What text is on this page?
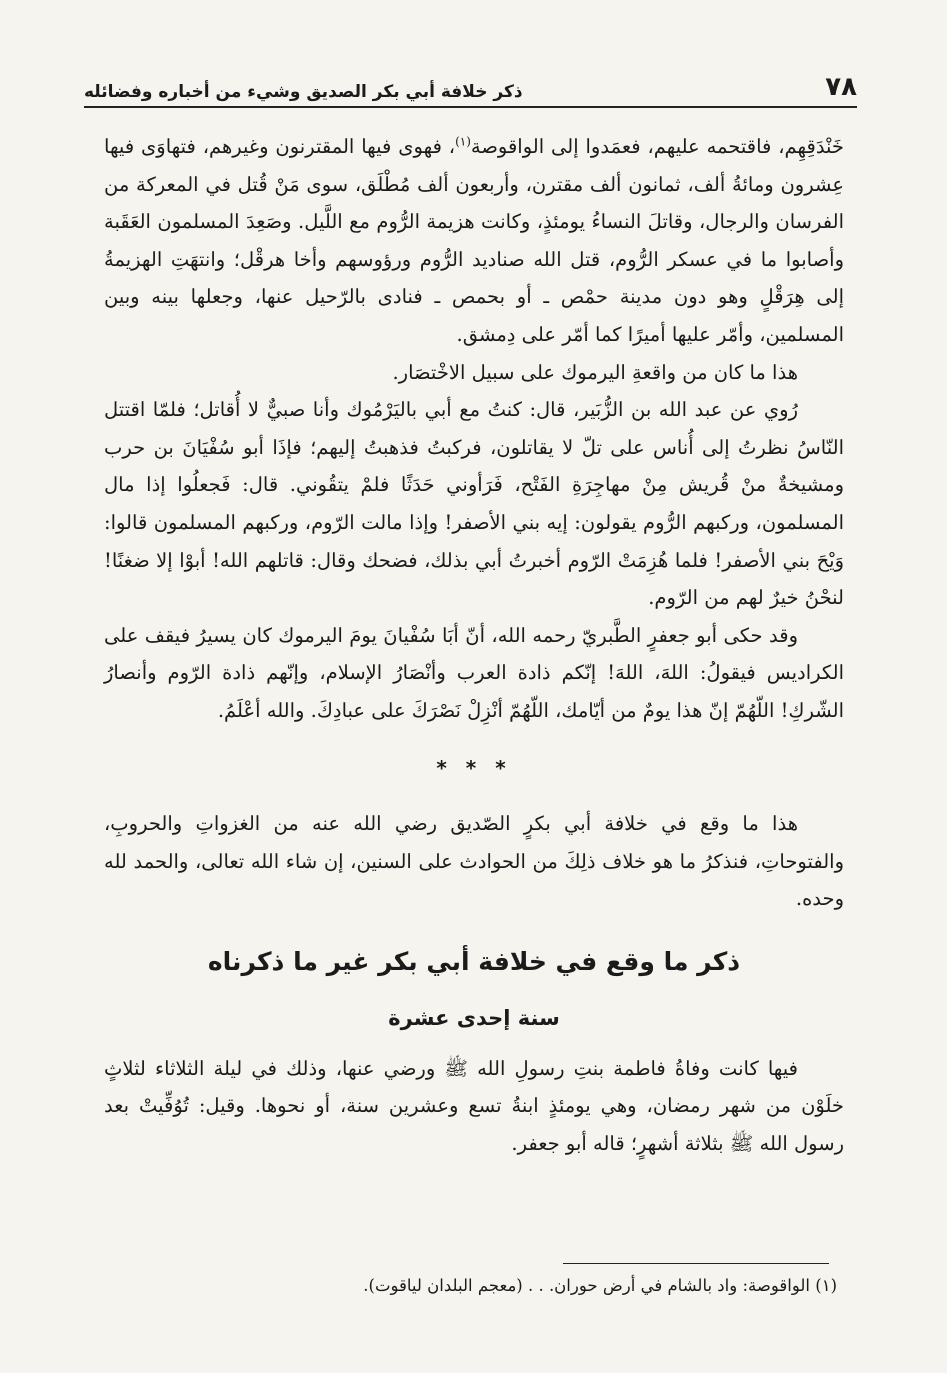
٧٨
ذكر خلافة أبي بكر الصديق وشيء من أخباره وفضائله

خَنْدَقِهِم، فاقتحمه عليهم، فعمَدوا إلى الواقوصة$^{(١)}$، فهوى فيها المقترنون وغيرهم، فتهاوَى فيها عِشرون ومائةُ ألف، ثمانون ألف مقترن، وأربعون ألف مُطْلَق، سوى مَنْ قُتل في المعركة من الفرسان والرجال، وقاتلَ النساءُ يومئذٍ، وكانت هزيمة الرُّوم مع اللَّيل. وصَعِدَ المسلمون العَقَبة وأصابوا ما في عسكر الرُّوم، قتل الله صناديد الرُّوم ورؤوسهم وأخا هرقْل؛ وانتهَتِ الهزيمةُ إلى هِرَقْلٍ وهو دون مدينة حمْص ـ أو بحمص ـ فنادى بالرّحيل عنها، وجعلها بينه وبين المسلمين، وأمّر عليها أميرًا كما أمّر على دِمشق.

هذا ما كان من واقعةِ اليرموك على سبيل الاخْتصَار.

رُوي عن عبد الله بن الزُّبَير، قال: كنتُ مع أبي باليَرْمُوك وأنا صبيٌّ لا أُقاتل؛ فلمّا اقتتل النّاسُ نظرتُ إلى أُناس على تلّ لا يقاتلون، فركبتُ فذهبتُ إليهم؛ فإذَا أبو سُفْيَانَ بن حرب ومشيخةٌ منْ قُريش مِنْ مهاجِرَةِ الفَتْح، فَرَأوني حَدَثًا فلمْ يتقُوني. قال: فَجعلُوا إذا مال المسلمون، وركبهم الرُّوم يقولون: إيه بني الأصفر! وإذا مالت الرّوم، وركبهم المسلمون قالوا: وَيْحَ بني الأصفر! فلما هُزِمَتْ الرّوم أخبرتُ أبي بذلك، فضحك وقال: قاتلهم الله! أبوْا إلا ضغنًا! لنحْنُ خيرٌ لهم من الرّوم.

وقد حكى أبو جعفرٍ الطَّبريّ رحمه الله، أنّ أبَا سُفْيانَ يومَ اليرموك كان يسيرُ فيقف على الكراديس فيقولُ: اللهَ، اللهَ! إنّكم ذادة العرب وأنْصَارُ الإسلام، وإنّهم ذادة الرّوم وأنصارُ الشّركِ! اللّهُمّ إنّ هذا يومٌ من أيّامك، اللّهُمّ أنْزِلْ نَصْرَكَ على عبادِكَ. والله أعْلَمُ.

* * *

هذا ما وقع في خلافة أبي بكرٍ الصّديق رضي الله عنه من الغزواتِ والحروبِ، والفتوحاتِ، فنذكرُ ما هو خلاف ذلِكَ من الحوادث على السنين، إن شاء الله تعالى، والحمد لله وحده.

ذكر ما وقع في خلافة أبي بكر غير ما ذكرناه
سنة إحدى عشرة

فيها كانت وفاةُ فاطمة بنتِ رسولِ الله ﷺ ورضي عنها، وذلك في ليلة الثلاثاء لثلاثٍ خلَوْن من شهر رمضان، وهي يومئذٍ ابنةُ تسع وعشرين سنة، أو نحوها. وقيل: تُوُفِّيتْ بعد رسول الله ﷺ بثلاثة أشهرٍ؛ قاله أبو جعفر.

(١) الواقوصة: واد بالشام في أرض حوران. . . (معجم البلدان لياقوت).
